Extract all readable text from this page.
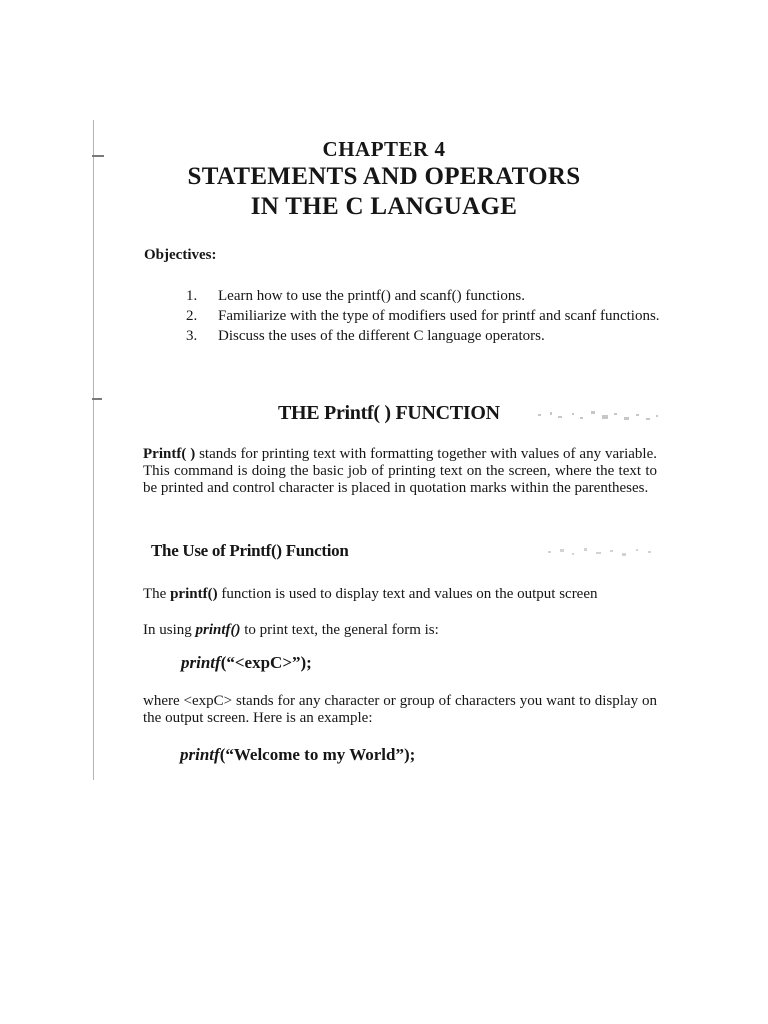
CHAPTER 4
STATEMENTS AND OPERATORS
IN THE C LANGUAGE
Objectives:
1. Learn how to use the printf() and scanf() functions.
2. Familiarize with the type of modifiers used for printf and scanf functions.
3. Discuss the uses of the different C language operators.
THE Printf( ) FUNCTION
Printf( ) stands for printing text with formatting together with values of any variable. This command is doing the basic job of printing text on the screen, where the text to be printed and control character is placed in quotation marks within the parentheses.
The Use of Printf() Function
The printf() function is used to display text and values on the output screen
In using printf() to print text, the general form is:
printf(“<expC>”);
where <expC> stands for any character or group of characters you want to display on the output screen. Here is an example:
printf(“Welcome to my World”);
